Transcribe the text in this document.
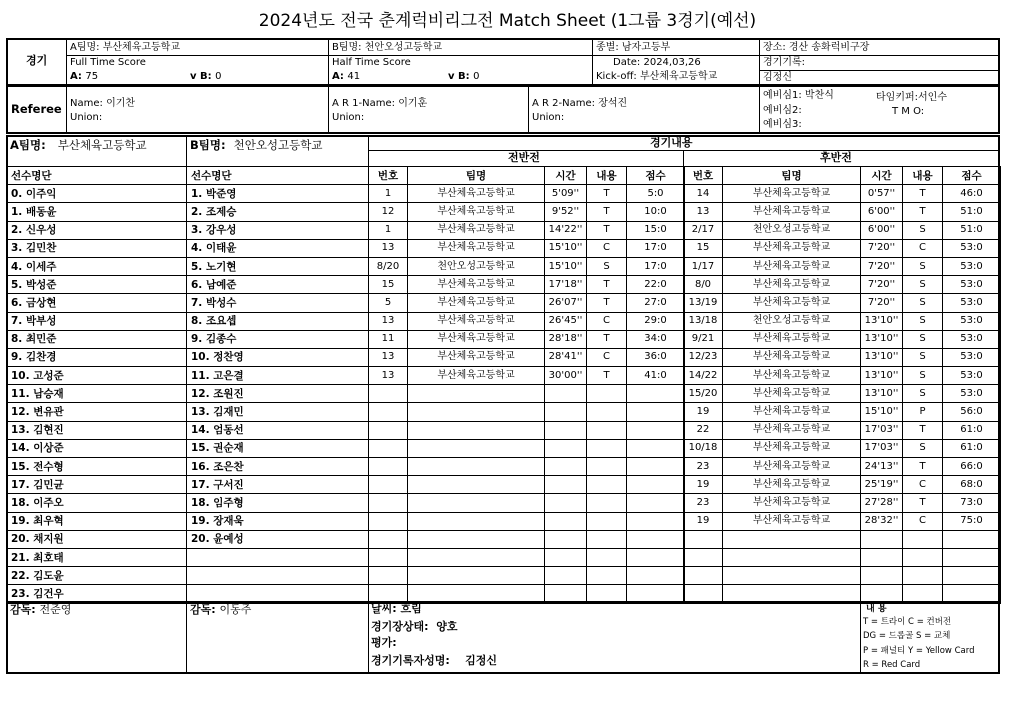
2024년도 전국 춘계럭비리그전 Match Sheet (1그룹 3경기(예선)
경기
A팀명: 부산체육고등학교	B팀명: 천안오성고등학교	종별: 남자고등부	장소: 경산 송화럭비구장
Full Time Score
A: 75	v B: 0
Half Time Score
A: 41	v B: 0
Date: 2024,03,26
Kick-off: 부산체육고등학교
경기기록:
김정신
Referee Name: 이기찬
Union:
A R 1-Name: 이기훈
Union:
A R 2-Name: 장석진
Union:
예비심1: 박찬식
예비심2:
예비심3:
타임키퍼:서인수
T M O:
A팀명: 부산체육고등학교	B팀명: 천안오성고등학교
선수명단
0. 이주익
1. 배동윤
2. 신우성
3. 김민찬
4. 이세주
5. 박성준
6. 금상현
7. 박부성
8. 최민준
9. 김찬경
10. 고성준
11. 남승재
12. 변유관
13. 김현진
14. 이상준
15. 전수형
17. 김민균
18. 이주오
19. 최우혁
20. 채지원
21. 최호태
22. 김도윤
23. 김건우
선수명단
1. 박준영
2. 조제승
3. 강우성
4. 이태윤
5. 노기현
6. 남예준
7. 박성수
8. 조요셉
9. 김종수
10. 정찬영
11. 고은결
12. 조원진
13. 김재민
14. 엄동선
15. 권순재
16. 조은찬
17. 구서진
18. 임주형
19. 장재욱
20. 윤예성

경기내용
전반전	후반전
번호	팀명	시간	내용	점수
1	부산체육고등학교	5'09''	T	5:0
12	부산체육고등학교	9'52''	T	10:0
1	부산체육고등학교	14'22''	T	15:0
13	부산체육고등학교	15'10''	C	17:0
8/20	천안오성고등학교	15'10''	S	17:0
15	부산체육고등학교	17'18''	T	22:0
5	부산체육고등학교	26'07''	T	27:0
13	부산체육고등학교	26'45''	C	29:0
11	부산체육고등학교	28'18''	T	34:0
13	부산체육고등학교	28'41''	C	36:0
13	부산체육고등학교	30'00''	T	41:0

번호	팀명	시간	내용	점수
14	부산체육고등학교	0'57''	T	46:0
13	부산체육고등학교	6'00''	T	51:0
2/17	천안오성고등학교	6'00''	S	51:0
15	부산체육고등학교	7'20''	C	53:0
1/17	부산체육고등학교	7'20''	S	53:0
8/0	부산체육고등학교	7'20''	S	53:0
13/19	부산체육고등학교	7'20''	S	53:0
13/18	천안오성고등학교	13'10''	S	53:0
9/21	부산체육고등학교	13'10''	S	53:0
12/23	부산체육고등학교	13'10''	S	53:0
14/22	부산체육고등학교	13'10''	S	53:0
15/20	부산체육고등학교	13'10''	S	53:0
19	부산체육고등학교	15'10''	P	56:0
22	부산체육고등학교	17'03''	T	61:0
10/18	부산체육고등학교	17'03''	S	61:0
23	부산체육고등학교	24'13''	T	66:0
19	부산체육고등학교	25'19''	C	68:0
23	부산체육고등학교	27'28''	T	73:0
19	부산체육고등학교	28'32''	C	75:0

감독: 전준영	감독: 이동주	날씨: 흐림
경기장상태: 양호
평가:
경기기록자성명: 김정신
내 용
T = 트라이 C = 컨버전
DG = 드롭골 S = 교체
P = 패널티 Y = Yellow Card
R = Red Card
